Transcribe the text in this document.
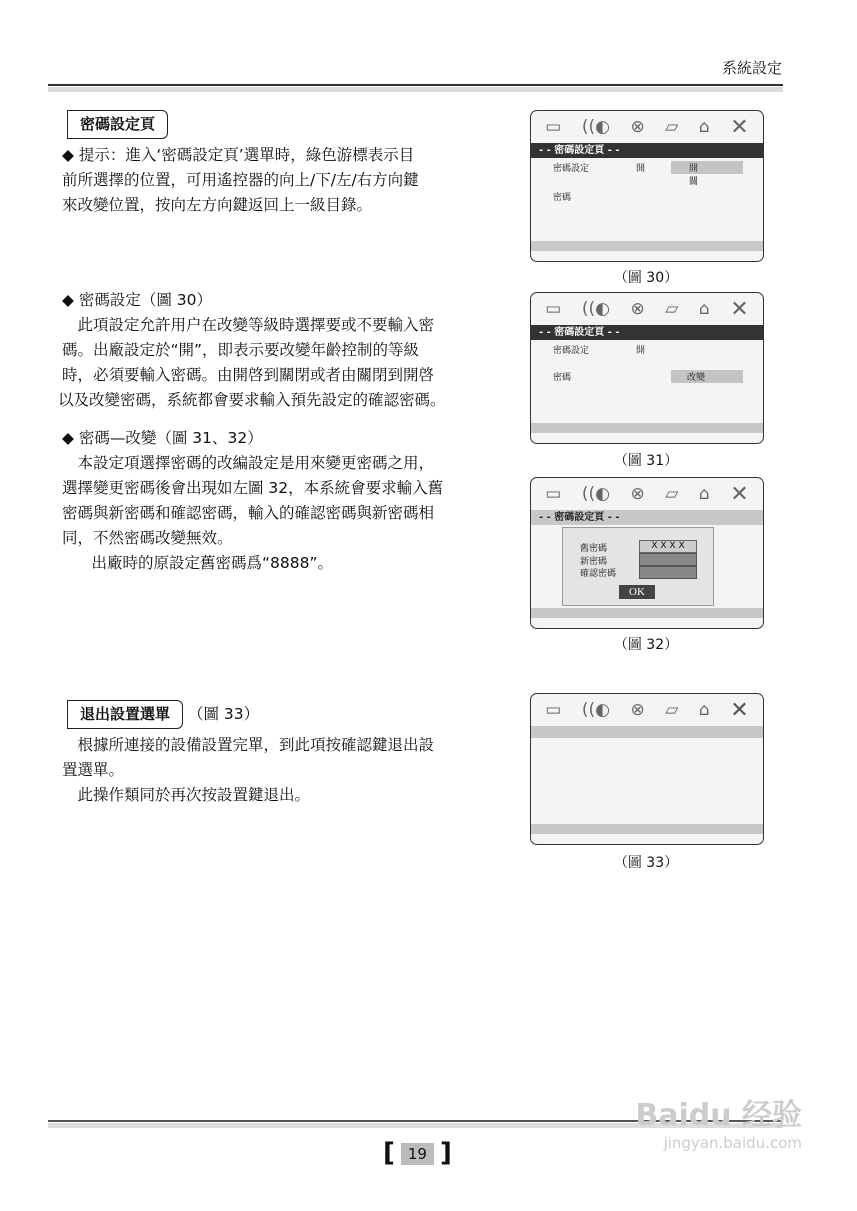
系統設定
密碼設定頁
◆ 提示：進入‘密碼設定頁’選單時，綠色游標表示目
前所選擇的位置，可用遙控器的向上/下/左/右方向鍵
來改變位置，按向左方向鍵返回上一級目錄。
◆ 密碼設定（圖 30）
　此項設定允許用户在改變等級時選擇要或不要輸入密
碼。出廠設定於“開”，即表示要改變年齡控制的等級
時，必須要輸入密碼。由開啓到關閉或者由關閉到開啓
以及改變密碼，系統都會要求輸入預先設定的確認密碼。
◆ 密碼—改變（圖 31、32）
　本設定項選擇密碼的改編設定是用來變更密碼之用，
選擇變更密碼後會出現如左圖 32，本系統會要求輸入舊
密碼與新密碼和確認密碼，輸入的確認密碼與新密碼相
同，不然密碼改變無效。
　出廠時的原設定舊密碼爲“8888”。
退出設置選單 （圖 33）
　根據所連接的設備設置完單，到此項按確認鍵退出設
置選單。
　此操作類同於再次按設置鍵退出。
▭ ((◐ ⊗ ▱ ⌂ ✕
- - 密碼設定頁 - -
密碼設定	開	開
關
密碼
（圖 30）
▭ ((◐ ⊗ ▱ ⌂ ✕
- - 密碼設定頁 - -
密碼設定	開
密碼	改變
（圖 31）
▭ ((◐ ⊗ ▱ ⌂ ✕
- - 密碼設定頁 - -
舊密碼	X X X X
新密碼
確認密碼
OK
（圖 32）
▭ ((◐ ⊗ ▱ ⌂ ✕
（圖 33）
[ 19 ]
Baidu 经验
jingyan.baidu.com
